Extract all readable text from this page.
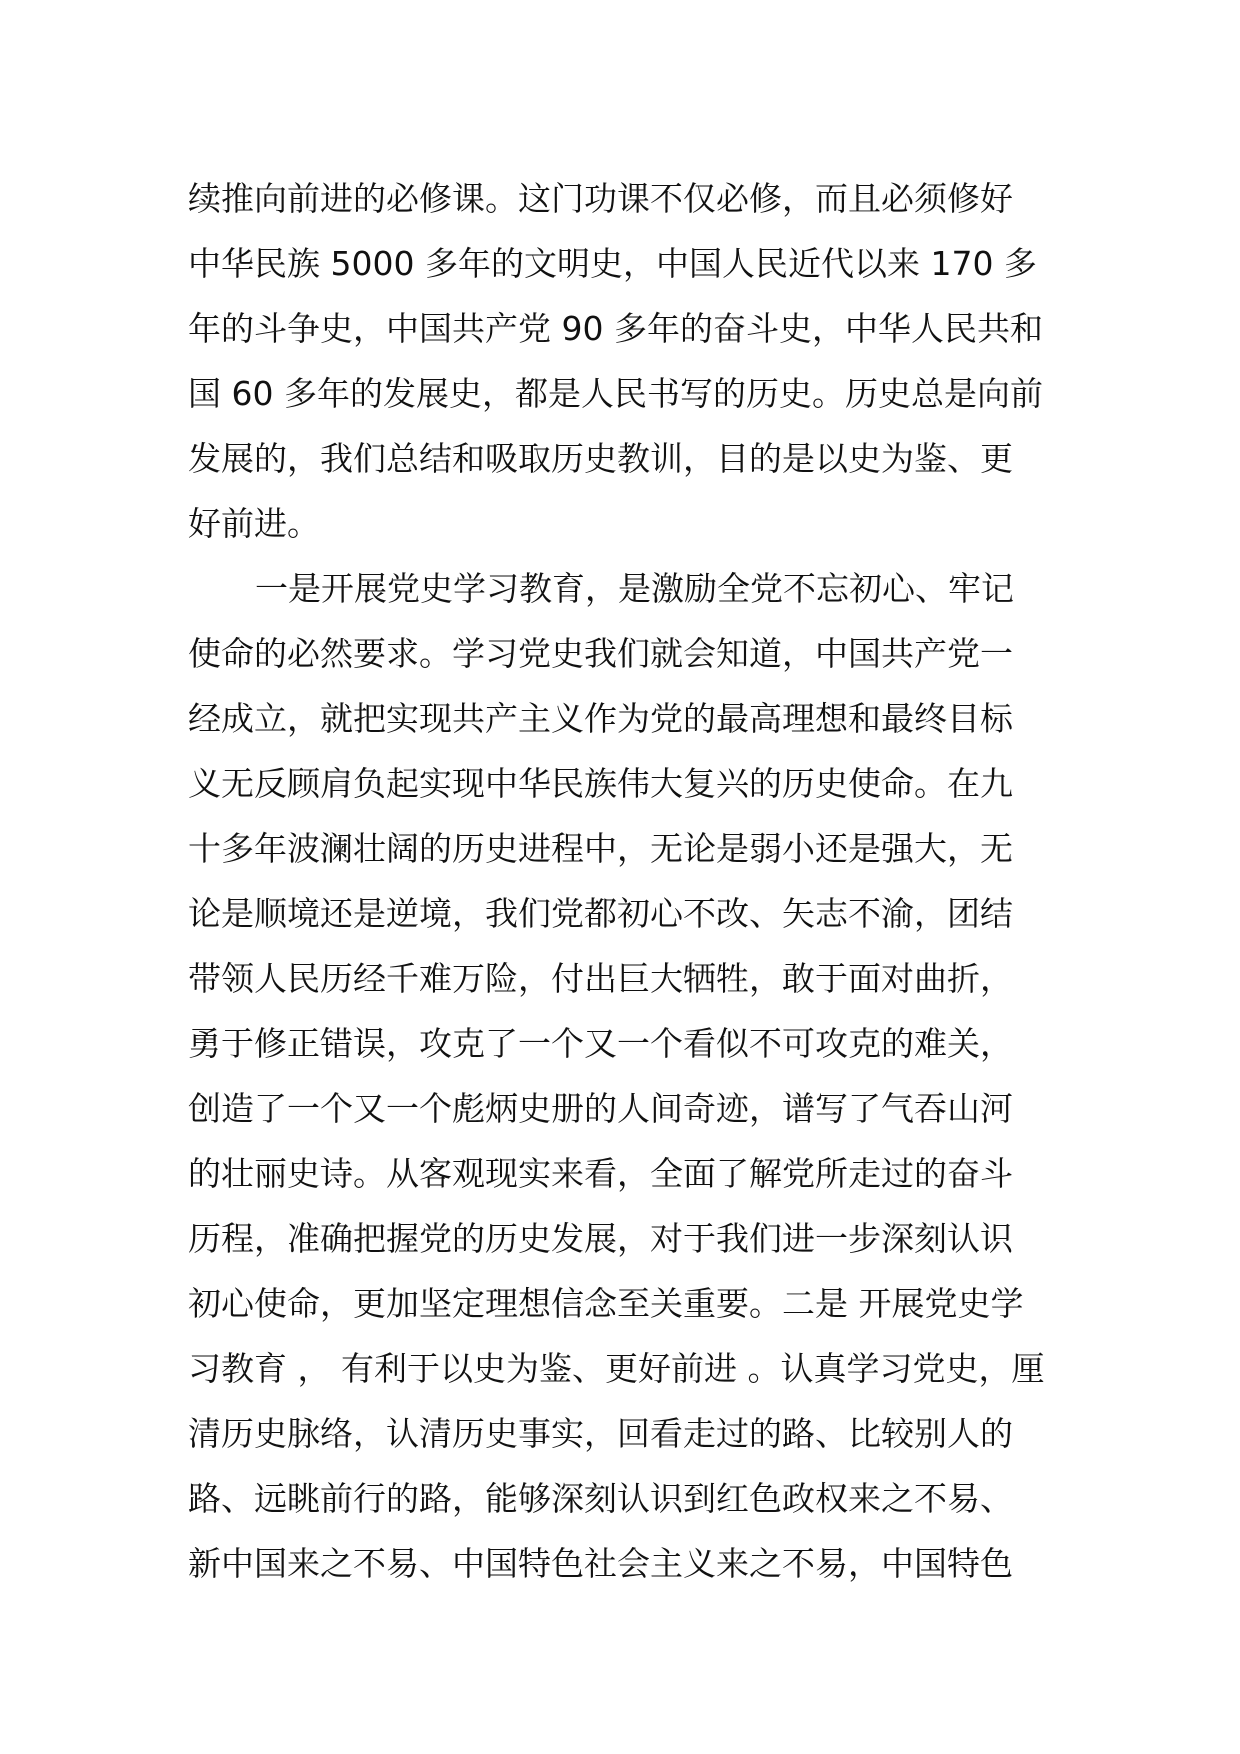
续推向前进的必修课。这门功课不仅必修，而且必须修好
中华民族 5000 多年的文明史，中国人民近代以来 170 多
年的斗争史，中国共产党 90 多年的奋斗史，中华人民共和
国 60 多年的发展史，都是人民书写的历史。历史总是向前
发展的，我们总结和吸取历史教训，目的是以史为鉴、更
好前进。
一是开展党史学习教育，是激励全党不忘初心、牢记
使命的必然要求。学习党史我们就会知道，中国共产党一
经成立，就把实现共产主义作为党的最高理想和最终目标
义无反顾肩负起实现中华民族伟大复兴的历史使命。在九
十多年波澜壮阔的历史进程中，无论是弱小还是强大，无
论是顺境还是逆境，我们党都初心不改、矢志不渝，团结
带领人民历经千难万险，付出巨大牺牲，敢于面对曲折，
勇于修正错误，攻克了一个又一个看似不可攻克的难关，
创造了一个又一个彪炳史册的人间奇迹，谱写了气吞山河
的壮丽史诗。从客观现实来看，全面了解党所走过的奋斗
历程，准确把握党的历史发展，对于我们进一步深刻认识
初心使命，更加坚定理想信念至关重要。二是 开展党史学
习教育 ， 有利于以史为鉴、更好前进 。认真学习党史，厘
清历史脉络，认清历史事实，回看走过的路、比较别人的
路、远眺前行的路，能够深刻认识到红色政权来之不易、
新中国来之不易、中国特色社会主义来之不易，中国特色
